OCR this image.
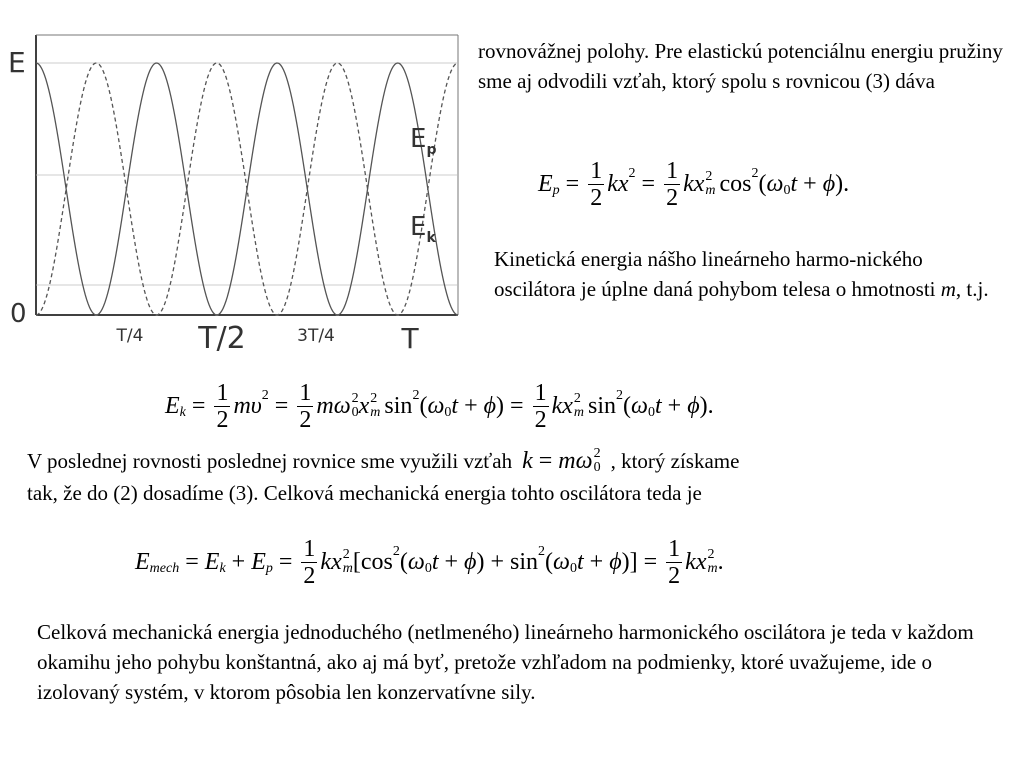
E
0
$E_p$
$E_k$
T/4 T/2	3T/4 T
rovnovážnej polohy. Pre elastickú potenciálnu energiu pružiny sme aj odvodili vzťah, ktorý spolu s rovnicou (3) dáva
E $p = \frac{1}{2}$ k x $2 = \frac{1}{2}$ k x 2
m cos 2 ( ω 0 t + ϕ ) .
Kinetická energia nášho lineárneho harmo-nického oscilátora je úplne daná pohybom telesa o hmotnosti m, t.j.
E $k = \frac{1}{2}$ m υ $2 = \frac{1}{2}$ m ω 2
0 x 2
m sin 2 ( ω 0 t + ϕ ) = $\frac{1}{2}$ k x 2
m sin 2 ( ω 0 t + ϕ ) .
V poslednej rovnosti poslednej rovnice sme využili vzťah k = m ω 2
0 , ktorý získame
tak, že do (2) dosadíme (3). Celková mechanická energia tohto oscilátora teda je
E mech = E k + E $p = \frac{1}{2}$ k x 2
m [ cos 2 ( ω 0 t + ϕ ) + sin 2 ( ω 0 t + ϕ ) ] = $\frac{1}{2}$ k x 2
m .
Celková mechanická energia jednoduchého (netlmeného) lineárneho harmonického oscilátora je teda v každom okamihu jeho pohybu konštantná, ako aj má byť, pretože vzhľadom na podmienky, ktoré uvažujeme, ide o izolovaný systém, v ktorom pôsobia len konzervatívne sily.
